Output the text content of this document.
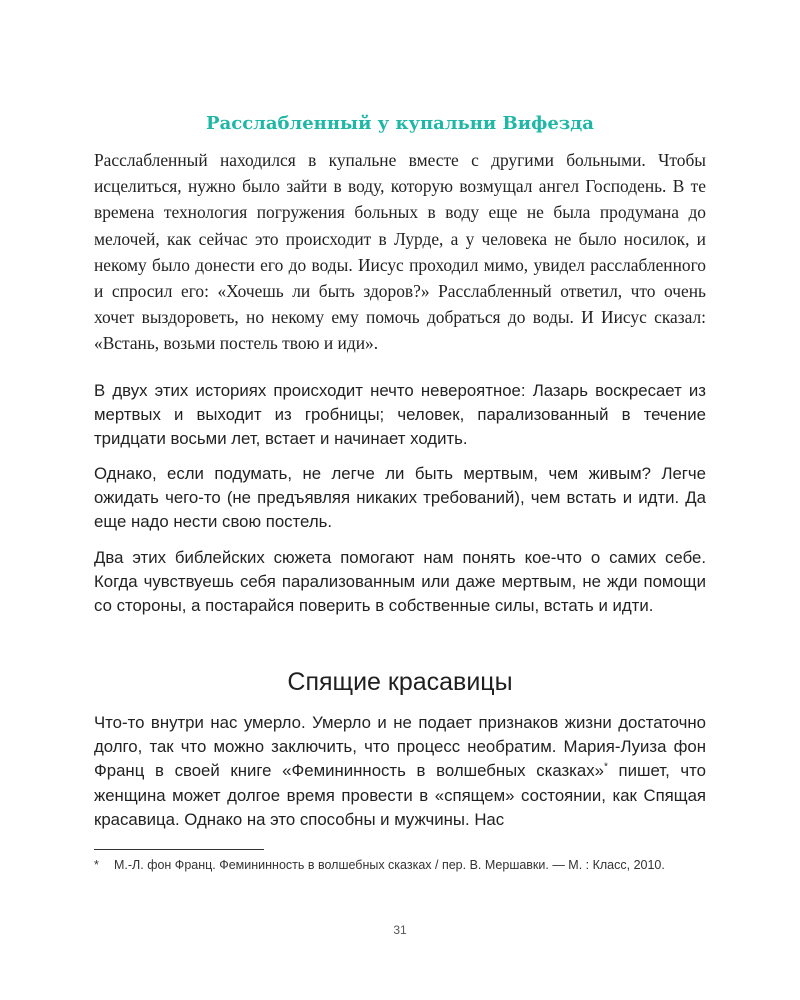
Расслабленный у купальни Вифезда

Расслабленный находился в купальне вместе с другими больными. Чтобы исцелиться, нужно было зайти в воду, которую возмущал ангел Господень. В те времена технология погружения больных в воду еще не была продумана до мелочей, как сейчас это происходит в Лурде, а у человека не было носилок, и некому было донести его до воды. Иисус проходил мимо, увидел расслабленного и спросил его: «Хочешь ли быть здоров?» Расслабленный ответил, что очень хочет выздороветь, но некому ему помочь добраться до воды. И Иисус сказал: «Встань, возьми постель твою и иди».

В двух этих историях происходит нечто невероятное: Лазарь воскресает из мертвых и выходит из гробницы; человек, парализованный в течение тридцати восьми лет, встает и начинает ходить.

Однако, если подумать, не легче ли быть мертвым, чем живым? Легче ожидать чего-то (не предъявляя никаких требований), чем встать и идти. Да еще надо нести свою постель.

Два этих библейских сюжета помогают нам понять кое-что о самих себе. Когда чувствуешь себя парализованным или даже мертвым, не жди помощи со стороны, а постарайся поверить в собственные силы, встать и идти.

Спящие красавицы

Что-то внутри нас умерло. Умерло и не подает признаков жизни достаточно долго, так что можно заключить, что процесс необратим. Мария-Луиза фон Франц в своей книге «Фемининность в волшебных сказках»* пишет, что женщина может долгое время провести в «спящем» состоянии, как Спящая красавица. Однако на это способны и мужчины. Нас

* М.-Л. фон Франц. Фемининность в волшебных сказках / пер. В. Мершавки. — М. : Класс, 2010.

31
